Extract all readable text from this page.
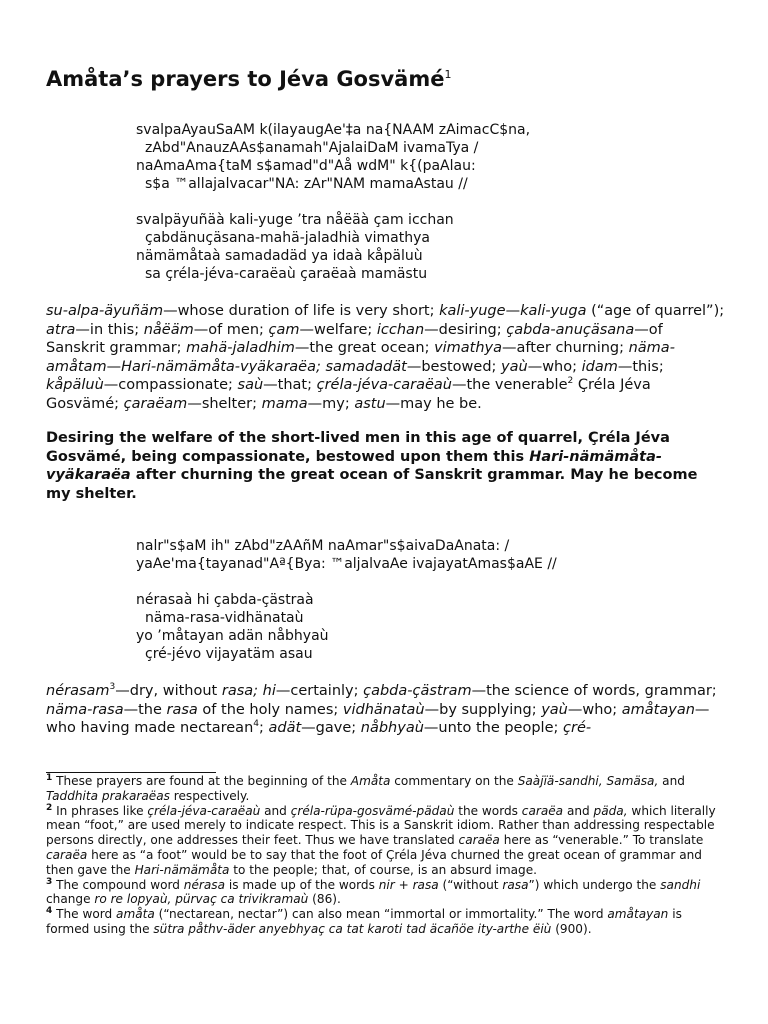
Amåta’s prayers to Jéva Gosvämé$^1$
svalpaAyauSaAM k(ilayaugAe'‡a na{NAAM zAimacC$na,
zAbd"AnauzAAs$anamah"AjalaiDaM ivamaTya /
naAmaAma{taM s$amad"d"Aå wdM" k{(paAlau:
s$a ™allajalvacar"NA: zAr"NAM mamaAstau //
svalpäyuñäà kali-yuge ’tra nåëäà çam icchan
çabdänuçäsana-mahä-jaladhià vimathya
nämämåtaà samadadäd ya idaà kåpäluù
sa çréla-jéva-caraëaù çaraëaà mamästu

su-alpa-äyuñäm—whose duration of life is very short; kali-yuge—kali-yuga (“age of quarrel”); atra—in this; nåëäm—of men; çam—welfare; icchan—desiring; çabda-anuçäsana—of Sanskrit grammar; mahä-jaladhim—the great ocean; vimathya—after churning; näma-amåtam—Hari-nämämåta-vyäkaraëa; samadadät—bestowed; yaù—who; idam—this; kåpäluù—compassionate; saù—that; çréla-jéva-caraëaù—the venerable$^2$ Çréla Jéva Gosvämé; çaraëam—shelter; mama—my; astu—may he be.

Desiring the welfare of the short-lived men in this age of quarrel, Çréla Jéva Gosvämé, being compassionate, bestowed upon them this Hari-nämämåta-vyäkaraëa after churning the great ocean of Sanskrit grammar. May he become my shelter.

nalr"s$aM ih" zAbd"zAAñM naAmar"s$aivaDaAnata: /
yaAe'ma{tayanad"Aª{Bya: ™aljalvaAe ivajayatAmas$aAE //
nérasaà hi çabda-çästraà
näma-rasa-vidhänataù
yo ’måtayan adän nåbhyaù
çré-jévo vijayatäm asau

nérasam$^3$—dry, without rasa; hi—certainly; çabda-çästram—the science of words, grammar; näma-rasa—the rasa of the holy names; vidhänataù—by supplying; yaù—who; amåtayan—who having made nectarean$^4$; adät—gave; nåbhyaù—unto the people; çré-

$^1$ These prayers are found at the beginning of the Amåta commentary on the Saàjïä-sandhi, Samäsa, and Taddhita prakaraëas respectively.

$^2$ In phrases like çréla-jéva-caraëaù and çréla-rüpa-gosvämé-pädaù the words caraëa and päda, which literally mean “foot,” are used merely to indicate respect. This is a Sanskrit idiom. Rather than addressing respectable persons directly, one addresses their feet. Thus we have translated caraëa here as “venerable.” To translate caraëa here as “a foot” would be to say that the foot of Çréla Jéva churned the great ocean of grammar and then gave the Hari-nämämåta to the people; that, of course, is an absurd image.

$^3$ The compound word nérasa is made up of the words nir + rasa (“without rasa”) which undergo the sandhi change ro re lopyaù, pürvaç ca trivikramaù (86).

$^4$ The word amåta (“nectarean, nectar”) can also mean “immortal or immortality.” The word amåtayan is formed using the sütra påthv-äder anyebhyaç ca tat karoti tad äcañöe ity-arthe ëiù (900).
